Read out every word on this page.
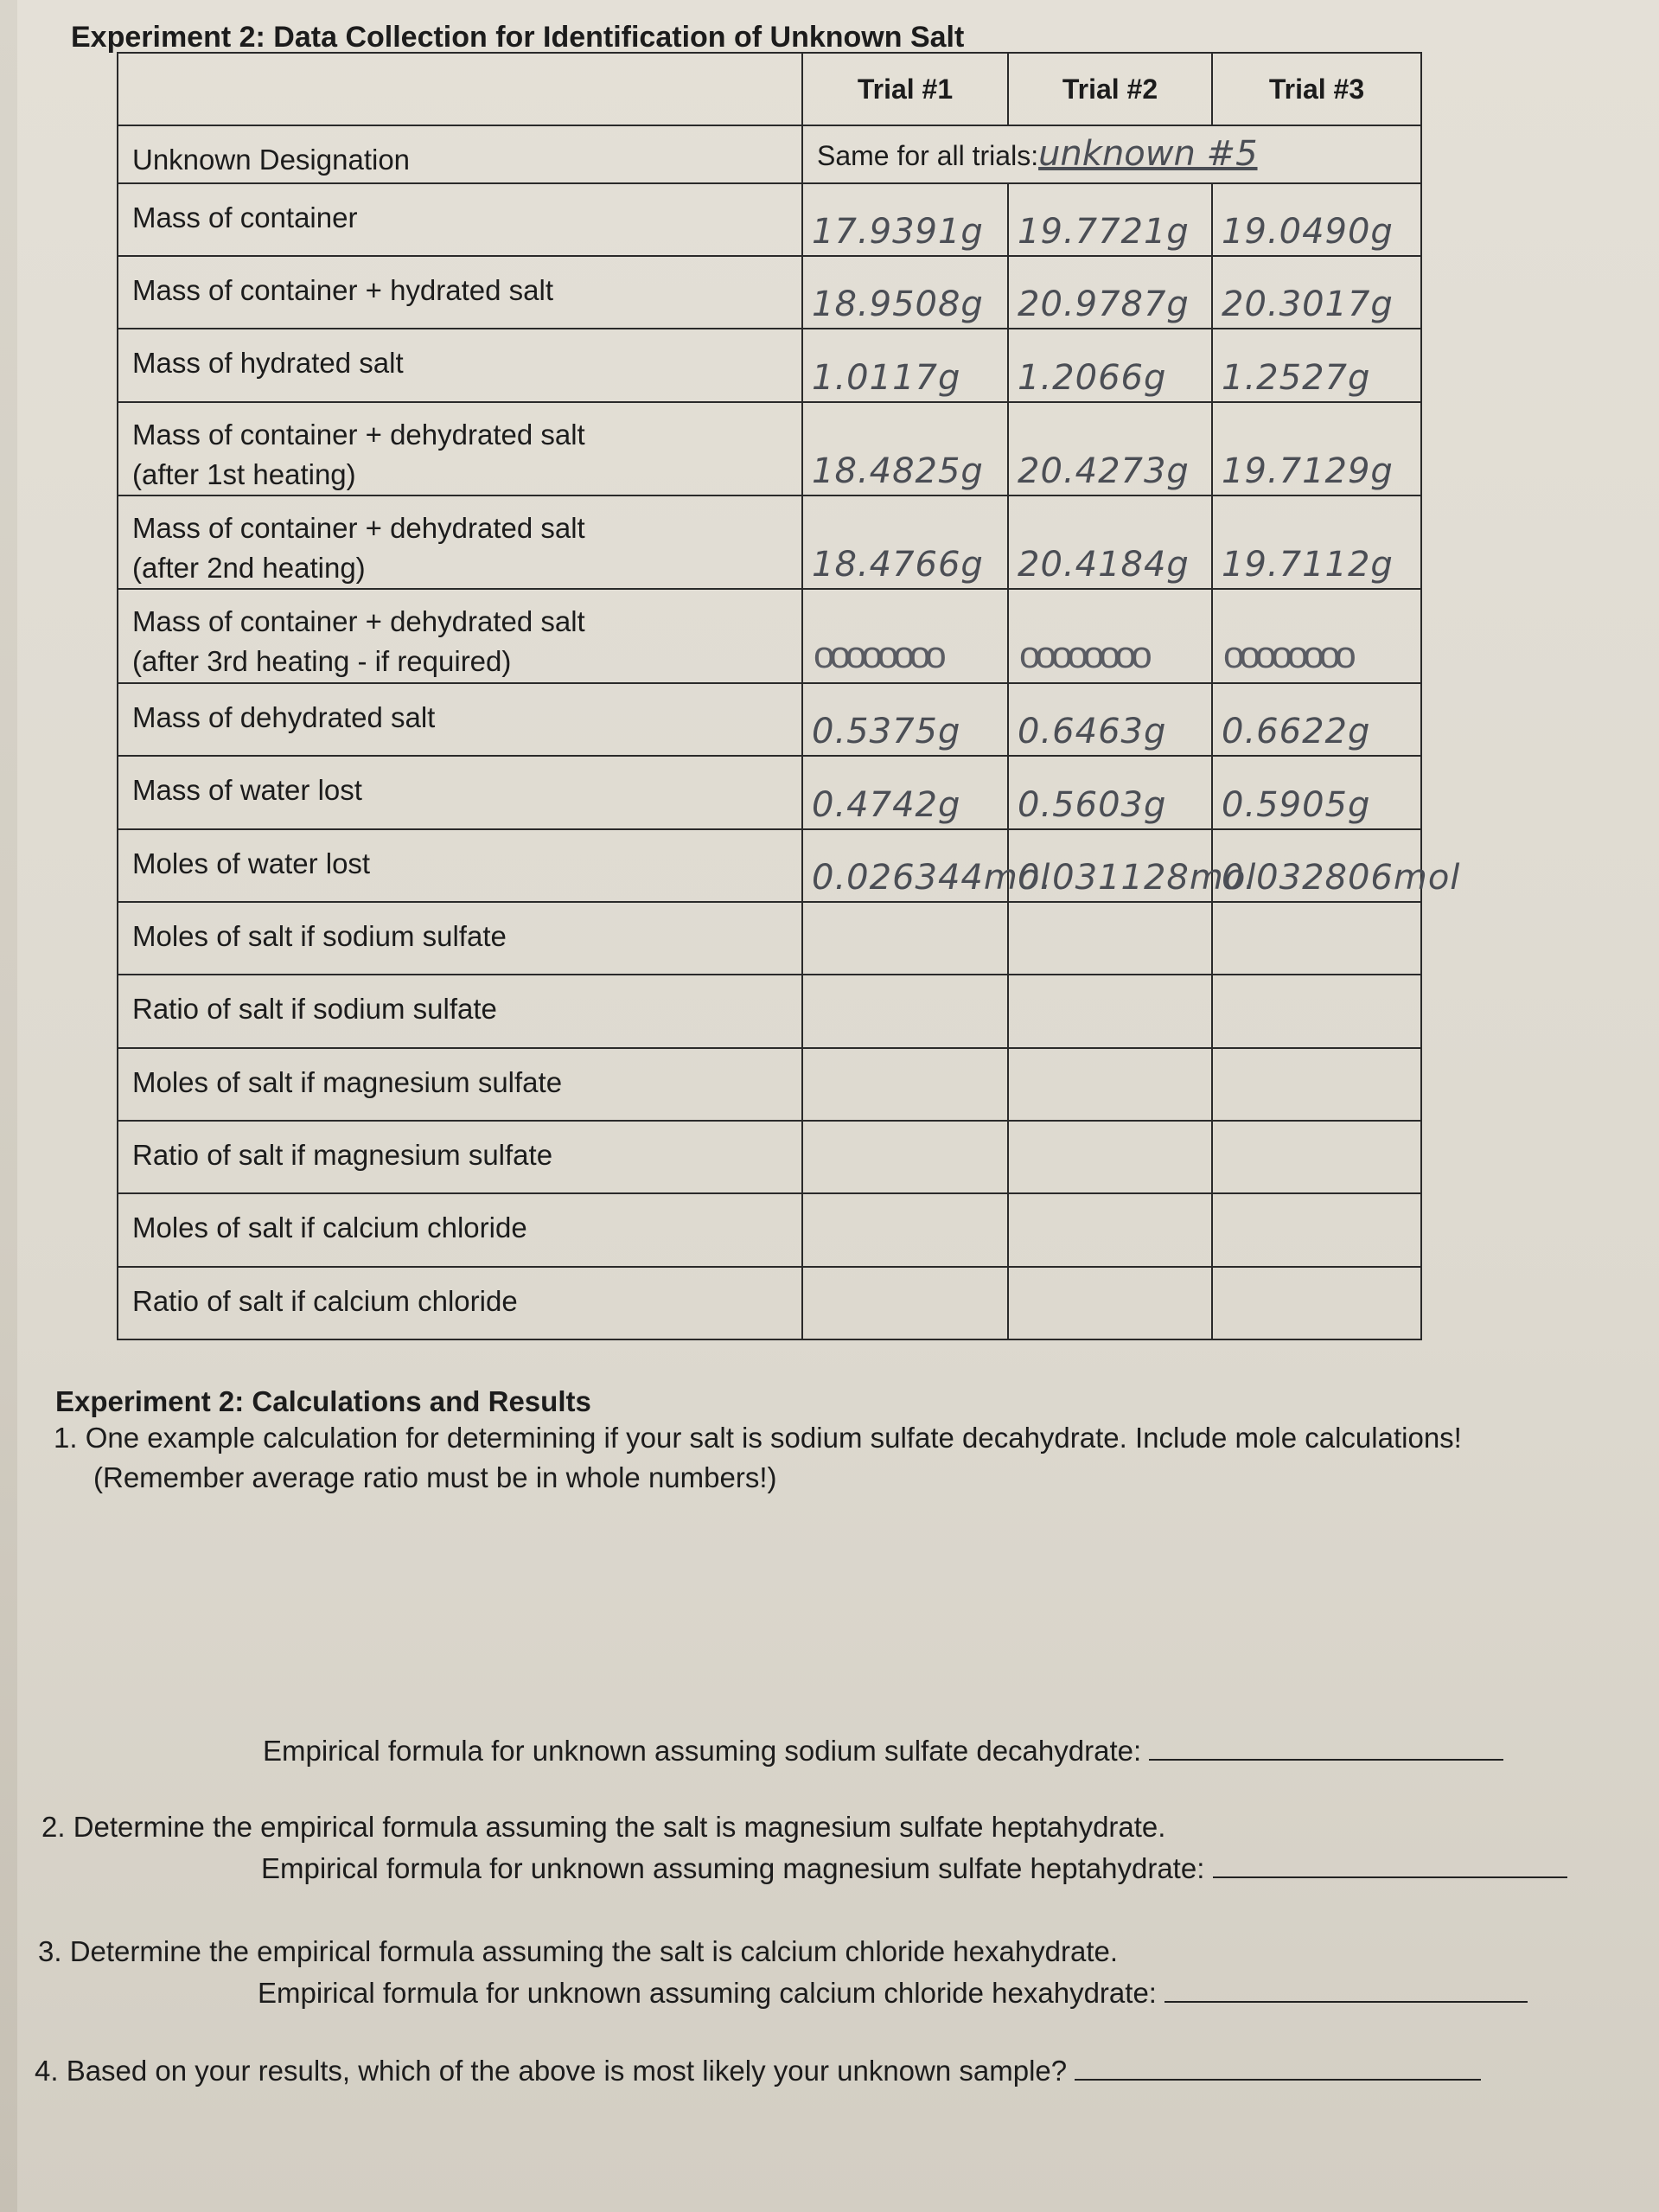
Experiment 2: Data Collection for Identification of Unknown Salt
	Trial #1	Trial #2	Trial #3
Unknown Designation	Same for all trials:unknown #5		
Mass of container	17.9391g	19.7721g	19.0490g
Mass of container + hydrated salt	18.9508g	20.9787g	20.3017g
Mass of hydrated salt	1.0117g	1.2066g	1.2527g
Mass of container + dehydrated salt
(after 1st heating)	18.4825g	20.4273g	19.7129g
Mass of container + dehydrated salt
(after 2nd heating)	18.4766g	20.4184g	19.7112g
Mass of container + dehydrated salt
(after 3rd heating - if required)	oooooooo	oooooooo	oooooooo
Mass of dehydrated salt	0.5375g	0.6463g	0.6622g
Mass of water lost	0.4742g	0.5603g	0.5905g
Moles of water lost	0.026344mol	0.031128mol	0.032806mol
Moles of salt if sodium sulfate			
Ratio of salt if sodium sulfate			
Moles of salt if magnesium sulfate			
Ratio of salt if magnesium sulfate			
Moles of salt if calcium chloride			
Ratio of salt if calcium chloride			
Experiment 2: Calculations and Results
1. One example calculation for determining if your salt is sodium sulfate decahydrate. Include mole calculations!
(Remember average ratio must be in whole numbers!)
Empirical formula for unknown assuming sodium sulfate decahydrate:
2. Determine the empirical formula assuming the salt is magnesium sulfate heptahydrate.
Empirical formula for unknown assuming magnesium sulfate heptahydrate:
3. Determine the empirical formula assuming the salt is calcium chloride hexahydrate.
Empirical formula for unknown assuming calcium chloride hexahydrate:
4. Based on your results, which of the above is most likely your unknown sample?
